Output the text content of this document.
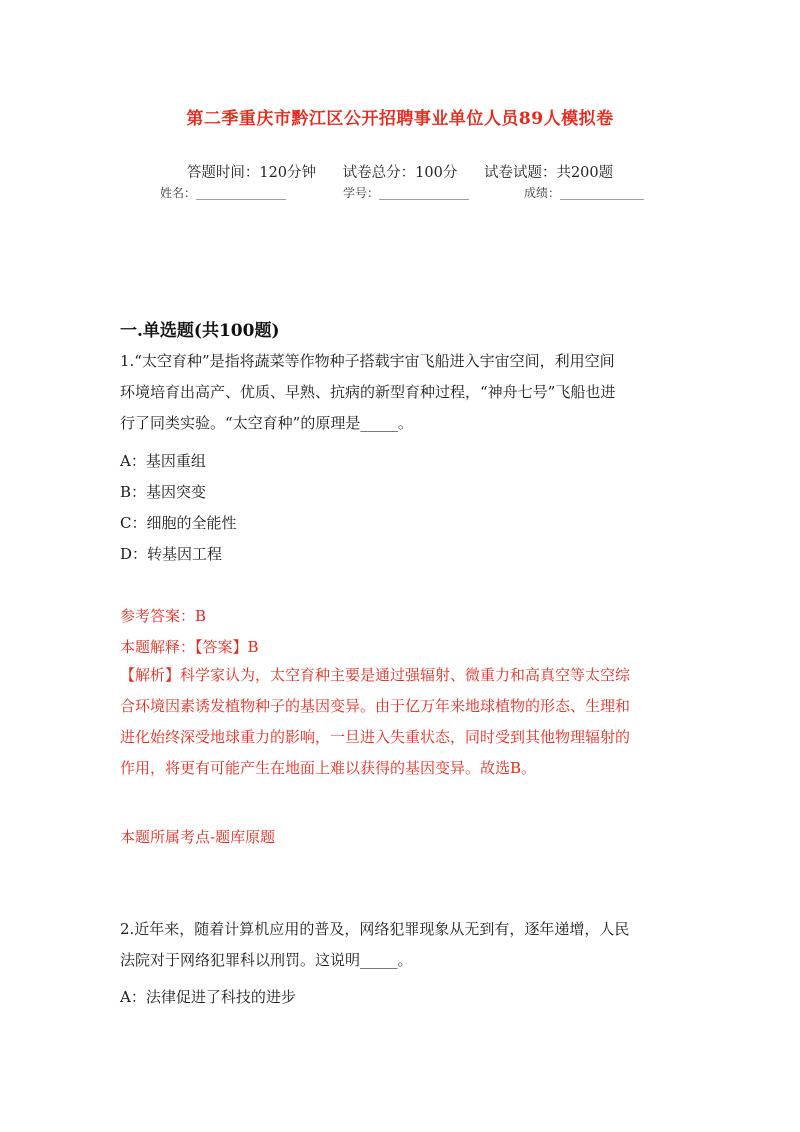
第二季重庆市黔江区公开招聘事业单位人员89人模拟卷
答题时间：120分钟 试卷总分：100分 试卷试题：共200题
姓名：_______________	学号：_______________	成绩：______________
一.单选题(共100题)
1.“太空育种”是指将蔬菜等作物种子搭载宇宙飞船进入宇宙空间，利用空间
环境培育出高产、优质、早熟、抗病的新型育种过程，“神舟七号”飞船也进
行了同类实验。“太空育种”的原理是_____。
A：基因重组
B：基因突变
C：细胞的全能性
D：转基因工程
参考答案：B
本题解释：【答案】B
【解析】科学家认为，太空育种主要是通过强辐射、微重力和高真空等太空综
合环境因素诱发植物种子的基因变异。由于亿万年来地球植物的形态、生理和
进化始终深受地球重力的影响，一旦进入失重状态，同时受到其他物理辐射的
作用，将更有可能产生在地面上难以获得的基因变异。故选B。
本题所属考点-题库原题
2.近年来，随着计算机应用的普及，网络犯罪现象从无到有，逐年递增，人民
法院对于网络犯罪科以刑罚。这说明_____。
A：法律促进了科技的进步
